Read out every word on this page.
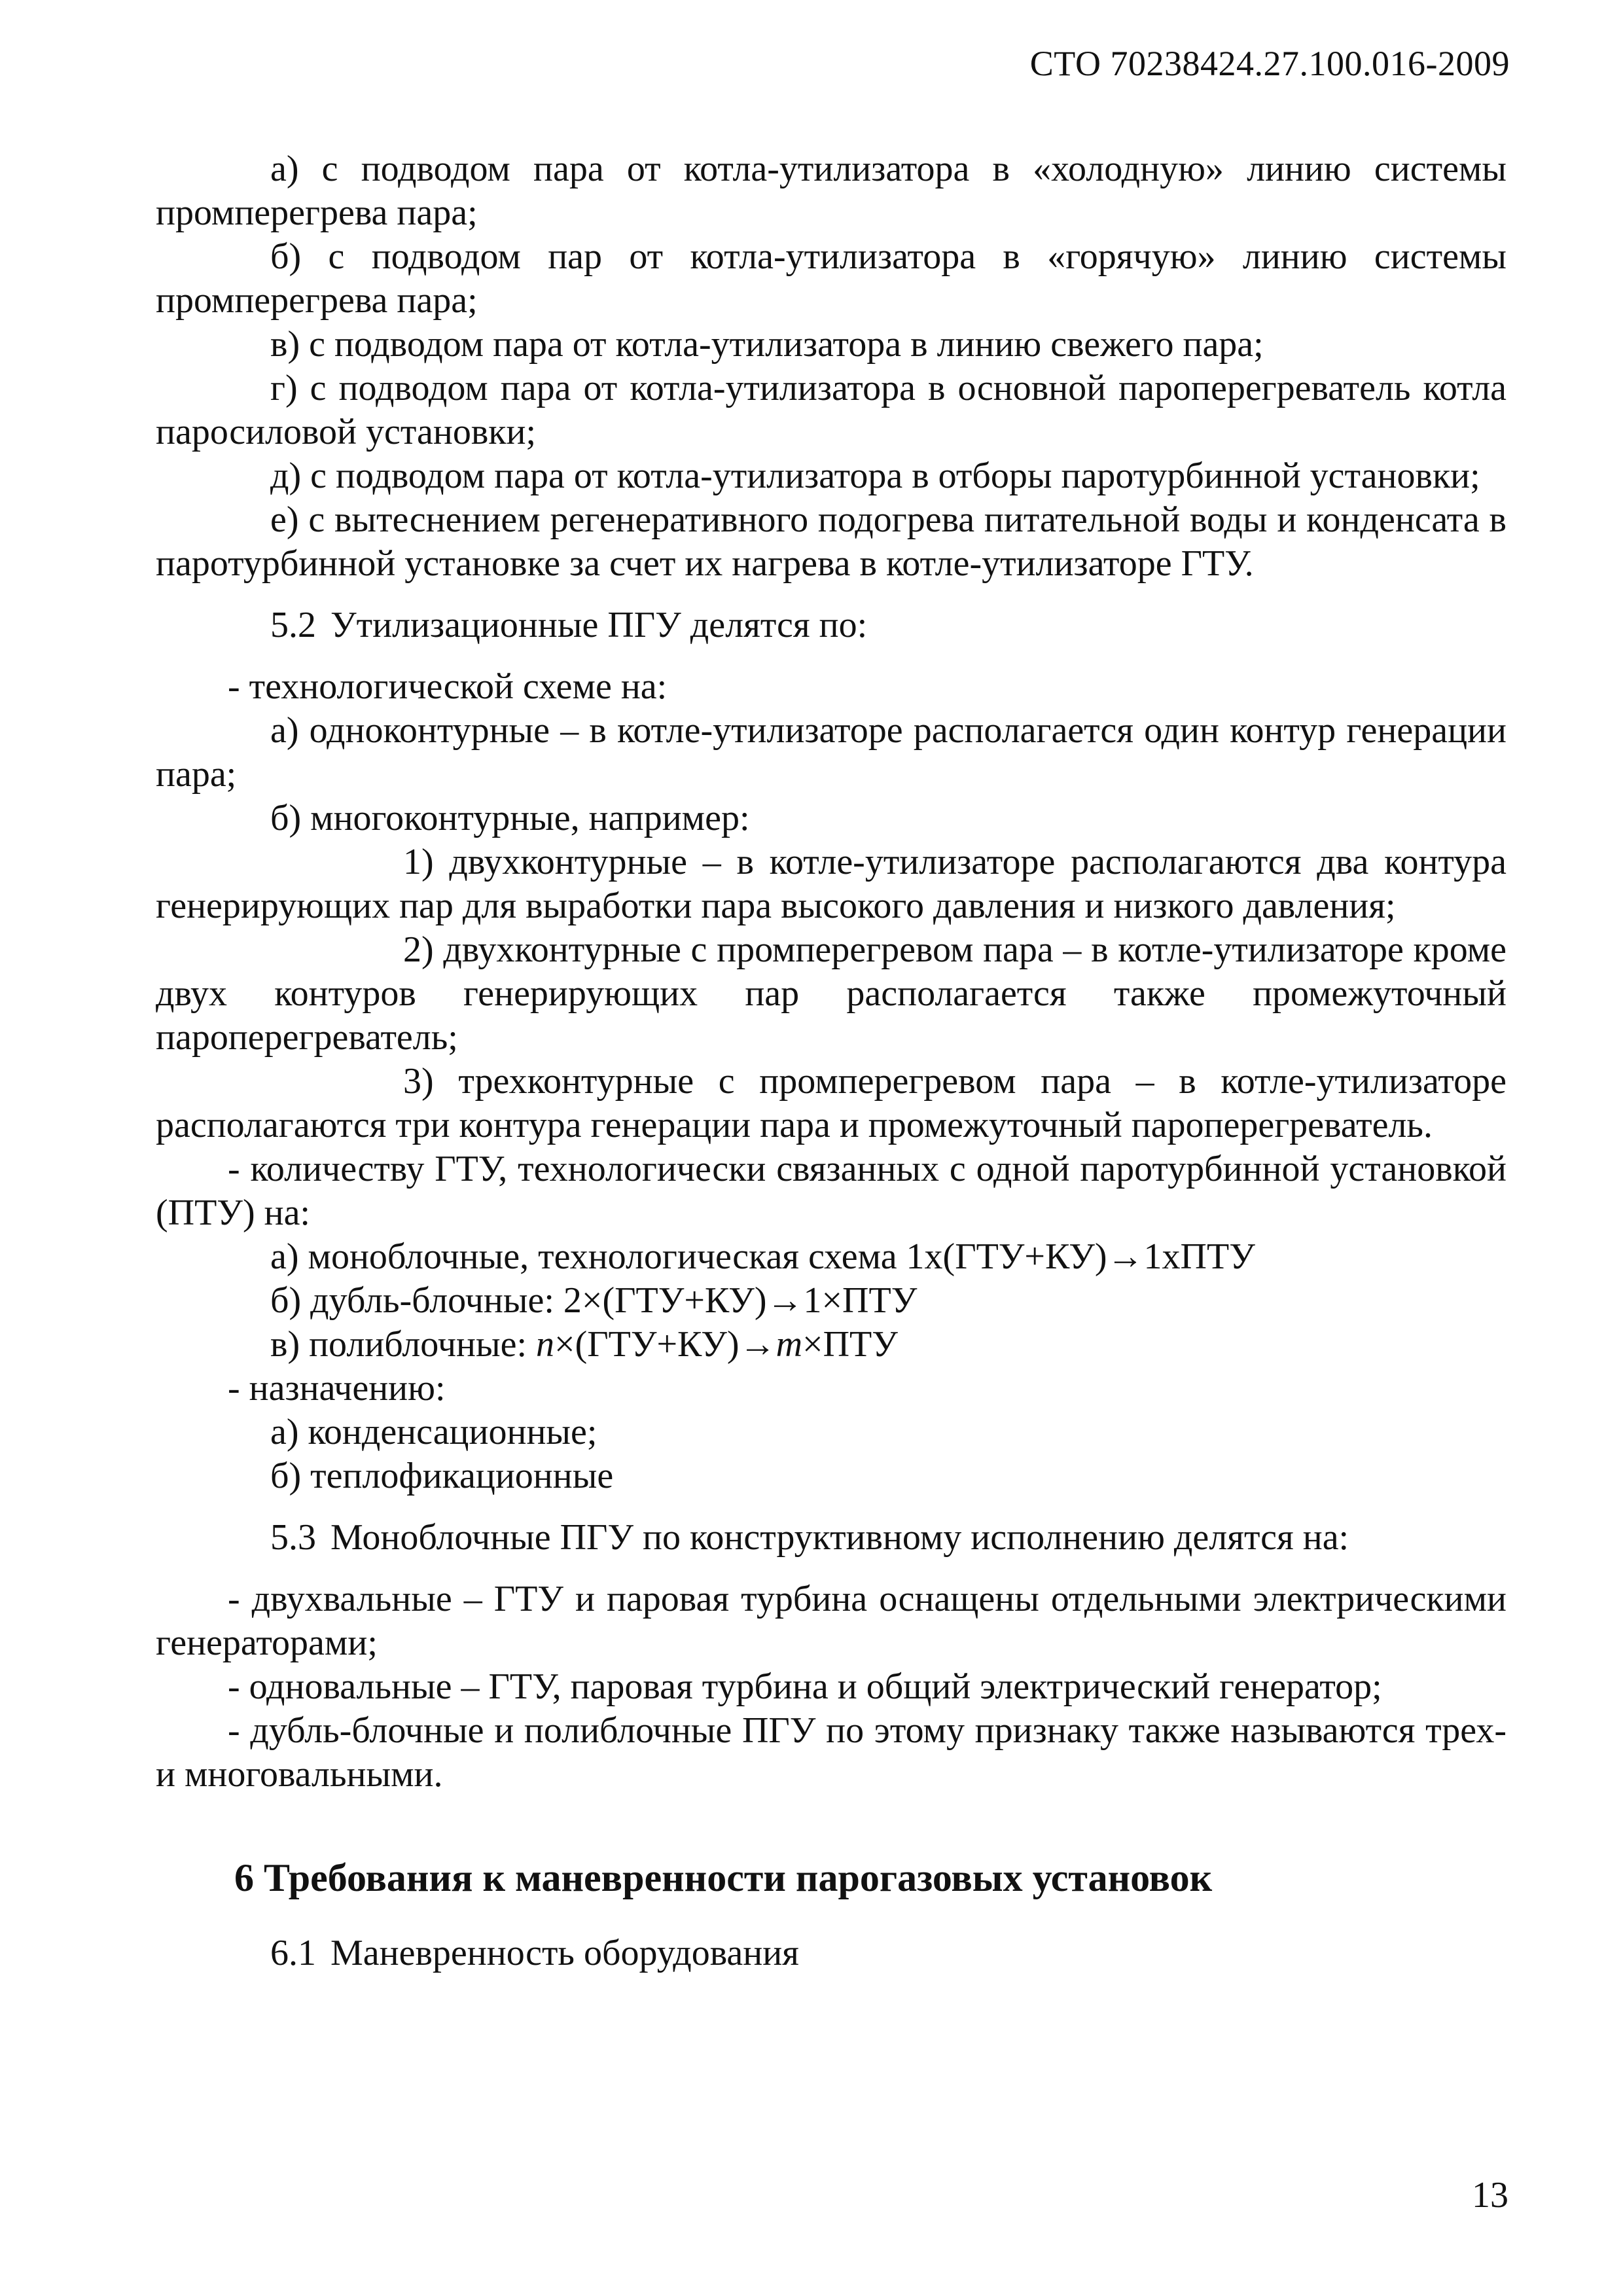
СТО 70238424.27.100.016-2009

а) с подводом пара от котла-утилизатора в «холодную» линию системы промперегрева пара;

б) с подводом пар от котла-утилизатора в «горячую» линию системы промперегрева пара;

в) с подводом пара от котла-утилизатора в линию свежего пара;

г) с подводом пара от котла-утилизатора в основной пароперегреватель котла паросиловой установки;

д) с подводом пара от котла-утилизатора в отборы паротурбинной установки;

е) с вытеснением регенеративного подогрева питательной воды и конденсата в паротурбинной установке за счет их нагрева в котле-утилизаторе ГТУ.

5.2 Утилизационные ПГУ делятся по:

- технологической схеме на:

а) одноконтурные – в котле-утилизаторе располагается один контур генерации пара;

б) многоконтурные, например:

1) двухконтурные – в котле-утилизаторе располагаются два контура генерирующих пар для выработки пара высокого давления и низкого давления;

2) двухконтурные с промперегревом пара – в котле-утилизаторе кроме двух контуров генерирующих пар располагается также промежуточный пароперегреватель;

3) трехконтурные с промперегревом пара – в котле-утилизаторе располагаются три контура генерации пара и промежуточный пароперегреватель.

- количеству ГТУ, технологически связанных с одной паротурбинной установкой (ПТУ) на:

а) моноблочные, технологическая схема 1х(ГТУ+КУ)→1хПТУ

б) дубль-блочные: 2×(ГТУ+КУ)→1×ПТУ

в) полиблочные: n×(ГТУ+КУ)→m×ПТУ

- назначению:

а) конденсационные;

б) теплофикационные

5.3 Моноблочные ПГУ по конструктивному исполнению делятся на:

- двухвальные – ГТУ и паровая турбина оснащены отдельными электрическими генераторами;

- одновальные – ГТУ, паровая турбина и общий электрический генератор;

- дубль-блочные и полиблочные ПГУ по этому признаку также называются трех- и многовальными.

6 Требования к маневренности парогазовых установок

6.1 Маневренность оборудования

13
